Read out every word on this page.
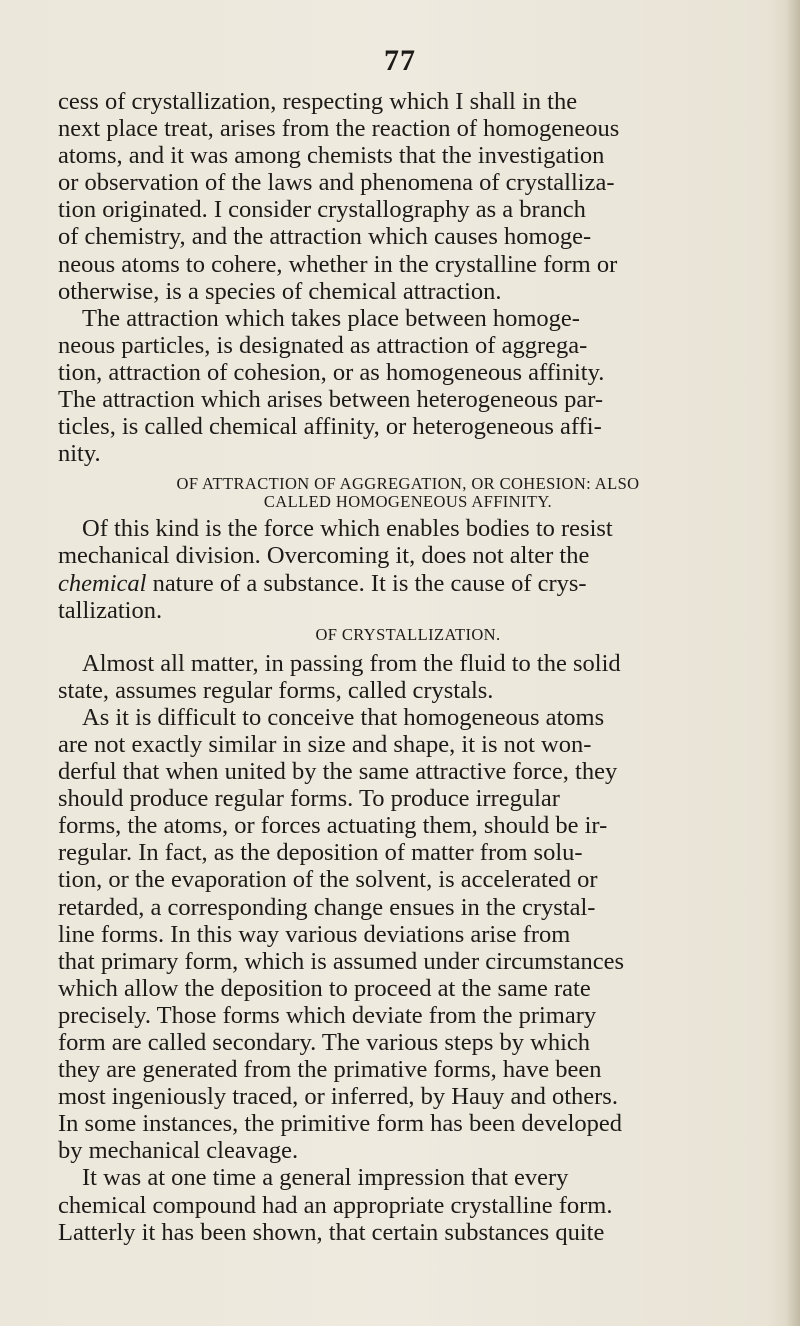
77
cess of crystallization, respecting which I shall in the
next place treat, arises from the reaction of homogeneous
atoms, and it was among chemists that the investigation
or observation of the laws and phenomena of crystalliza-
tion originated. I consider crystallography as a branch
of chemistry, and the attraction which causes homoge-
neous atoms to cohere, whether in the crystalline form or
otherwise, is a species of chemical attraction.
The attraction which takes place between homoge-
neous particles, is designated as attraction of aggrega-
tion, attraction of cohesion, or as homogeneous affinity.
The attraction which arises between heterogeneous par-
ticles, is called chemical affinity, or heterogeneous affi-
nity.
OF ATTRACTION OF AGGREGATION, OR COHESION: ALSO
CALLED HOMOGENEOUS AFFINITY.
Of this kind is the force which enables bodies to resist
mechanical division. Overcoming it, does not alter the
chemical nature of a substance. It is the cause of crys-
tallization.
OF CRYSTALLIZATION.
Almost all matter, in passing from the fluid to the solid
state, assumes regular forms, called crystals.
As it is difficult to conceive that homogeneous atoms
are not exactly similar in size and shape, it is not won-
derful that when united by the same attractive force, they
should produce regular forms. To produce irregular
forms, the atoms, or forces actuating them, should be ir-
regular. In fact, as the deposition of matter from solu-
tion, or the evaporation of the solvent, is accelerated or
retarded, a corresponding change ensues in the crystal-
line forms. In this way various deviations arise from
that primary form, which is assumed under circumstances
which allow the deposition to proceed at the same rate
precisely. Those forms which deviate from the primary
form are called secondary. The various steps by which
they are generated from the primative forms, have been
most ingeniously traced, or inferred, by Hauy and others.
In some instances, the primitive form has been developed
by mechanical cleavage.
It was at one time a general impression that every
chemical compound had an appropriate crystalline form.
Latterly it has been shown, that certain substances quite
